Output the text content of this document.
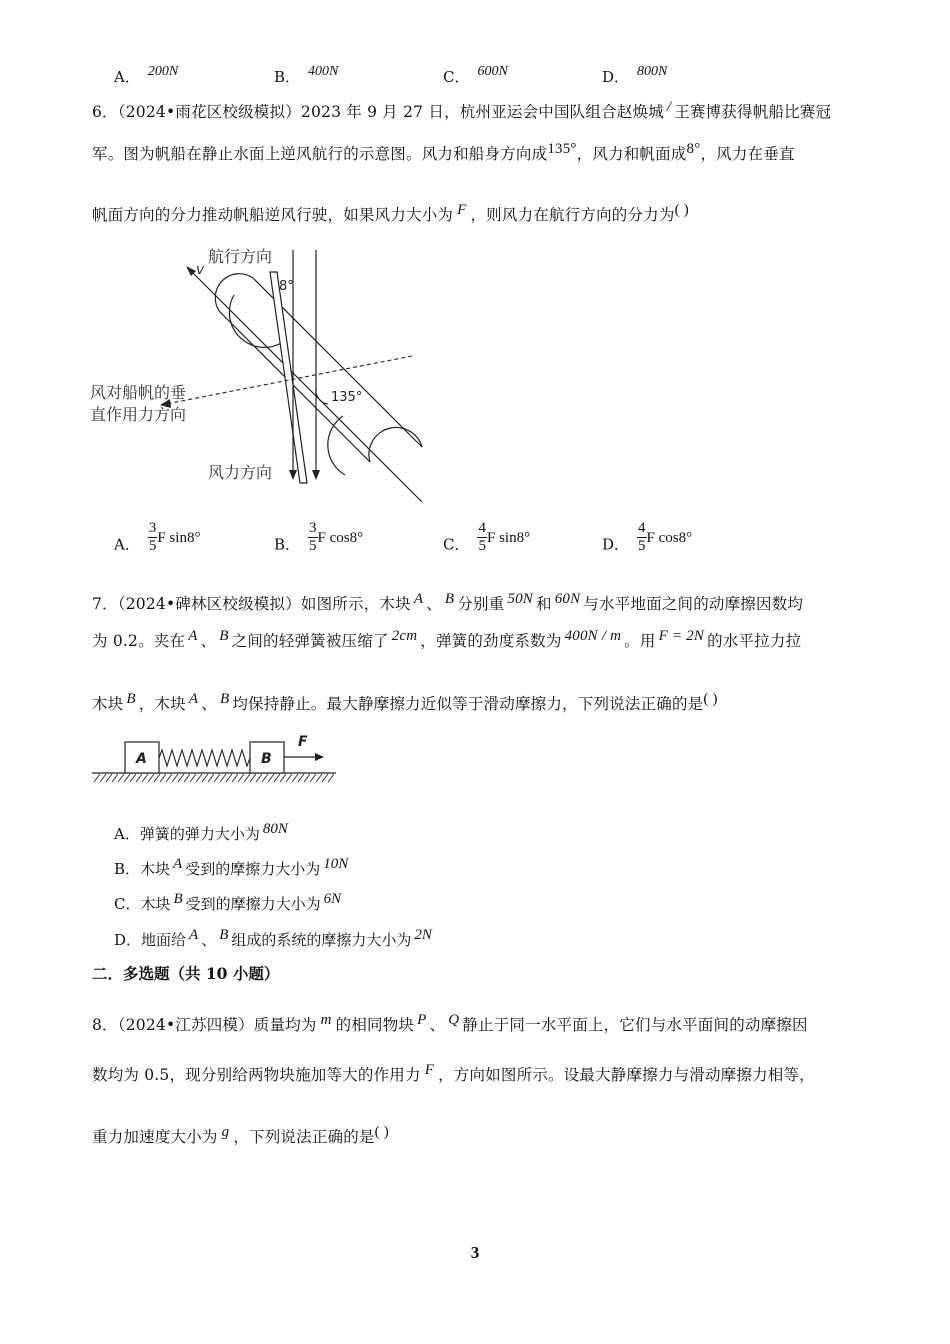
A． 200N	B． 400N	C． 600N	D． 800N
6．（2024•雨花区校级模拟）2023 年 9 月 27 日，杭州亚运会中国队组合赵焕城 / 王赛博获得帆船比赛冠
军。图为帆船在静止水面上逆风航行的示意图。风力和船身方向成135°，风力和帆面成8°，风力在垂直
帆面方向的分力推动帆船逆风行驶，如果风力大小为 F ，则风力在航行方向的分力为( )
航行方向
v
8°
135°
风对船帆的垂
直作用力方向
风力方向
A． $\frac{3}{5}$ F sin8°	B． $\frac{3}{5}$ F cos8°	C． $\frac{4}{5}$ F sin8°	D． $\frac{4}{5}$ F cos8°
7．（2024•碑林区校级模拟）如图所示，木块 A 、 B 分别重 50N 和 60N 与水平地面之间的动摩擦因数均
为 0.2。夹在 A 、 B 之间的轻弹簧被压缩了 2cm ，弹簧的劲度系数为 400N / m 。用 F = 2N 的水平拉力拉
木块 B ，木块 A 、 B 均保持静止。最大静摩擦力近似等于滑动摩擦力，下列说法正确的是( )
A	B
F
A．弹簧的弹力大小为 80N
B．木块 A 受到的摩擦力大小为 10N
C．木块 B 受到的摩擦力大小为 6N
D．地面给 A 、 B 组成的系统的摩擦力大小为 2N
二．多选题（共 10 小题）
8．（2024•江苏四模）质量均为 m 的相同物块 P 、 Q 静止于同一水平面上，它们与水平面间的动摩擦因
数均为 0.5，现分别给两物块施加等大的作用力 F ，方向如图所示。设最大静摩擦力与滑动摩擦力相等，
重力加速度大小为 g ，下列说法正确的是( )
3
